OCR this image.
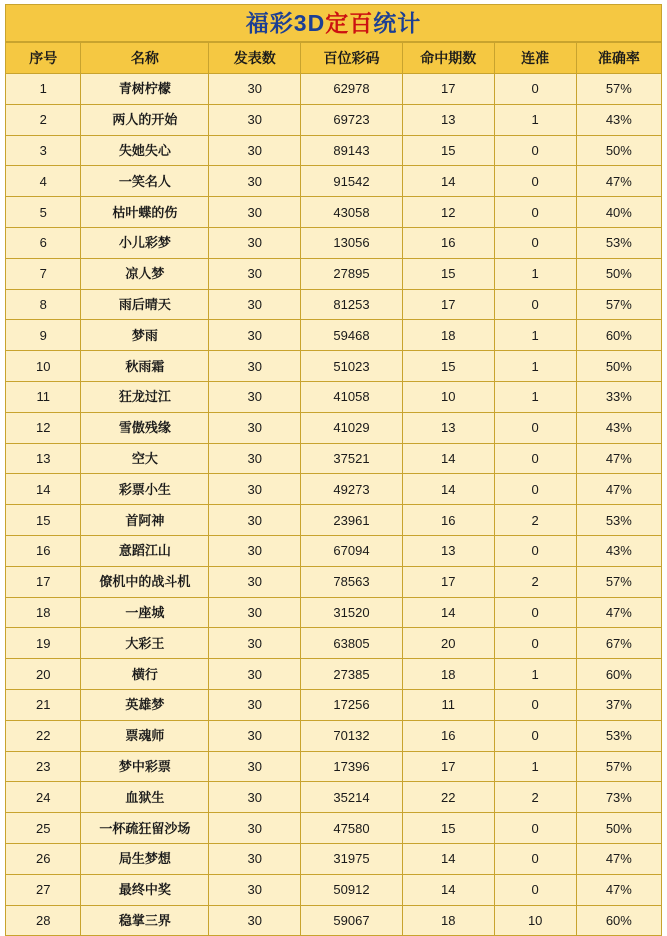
福彩3D定百统计
序号	名称	发表数	百位彩码	命中期数	连准	准确率
1	青树柠檬	30	62978	17	0	57%
2	两人的开始	30	69723	13	1	43%
3	失她失心	30	89143	15	0	50%
4	一笑名人	30	91542	14	0	47%
5	枯叶蝶的伤	30	43058	12	0	40%
6	小儿彩梦	30	13056	16	0	53%
7	凉人梦	30	27895	15	1	50%
8	雨后晴天	30	81253	17	0	57%
9	梦雨	30	59468	18	1	60%
10	秋雨霜	30	51023	15	1	50%
11	狂龙过江	30	41058	10	1	33%
12	雪傲残缘	30	41029	13	0	43%
13	空大	30	37521	14	0	47%
14	彩票小生	30	49273	14	0	47%
15	首阿神	30	23961	16	2	53%
16	意蹈江山	30	67094	13	0	43%
17	僚机中的战斗机	30	78563	17	2	57%
18	一座城	30	31520	14	0	47%
19	大彩王	30	63805	20	0	67%
20	横行	30	27385	18	1	60%
21	英雄梦	30	17256	11	0	37%
22	票魂师	30	70132	16	0	53%
23	梦中彩票	30	17396	17	1	57%
24	血狱生	30	35214	22	2	73%
25	一杯疏狂留沙场	30	47580	15	0	50%
26	局生梦想	30	31975	14	0	47%
27	最终中奖	30	50912	14	0	47%
28	稳掌三界	30	59067	18	10	60%
